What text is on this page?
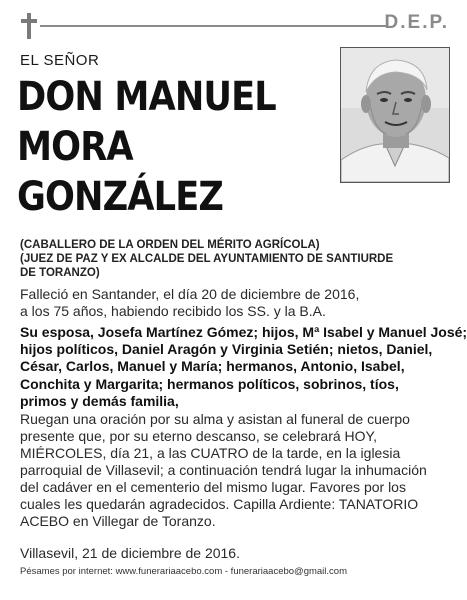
D.E.P.
EL SEÑOR
DON MANUEL
MORA
GONZÁLEZ
(CABALLERO DE LA ORDEN DEL MÉRITO AGRÍCOLA)
(JUEZ DE PAZ Y EX ALCALDE DEL AYUNTAMIENTO DE SANTIURDE
DE TORANZO)
Falleció en Santander, el día 20 de diciembre de 2016,
a los 75 años, habiendo recibido los SS. y la B.A.
Su esposa, Josefa Martínez Gómez; hijos, Mª Isabel y Manuel José;
hijos políticos, Daniel Aragón y Virginia Setién; nietos, Daniel,
César, Carlos, Manuel y María; hermanos, Antonio, Isabel,
Conchita y Margarita; hermanos políticos, sobrinos, tíos,
primos y demás familia,
Ruegan una oración por su alma y asistan al funeral de cuerpo
presente que, por su eterno descanso, se celebrará HOY,
MIÉRCOLES, día 21, a las CUATRO de la tarde, en la iglesia
parroquial de Villasevil; a continuación tendrá lugar la inhumación
del cadáver en el cementerio del mismo lugar. Favores por los
cuales les quedarán agradecidos. Capilla Ardiente: TANATORIO
ACEBO en Villegar de Toranzo.
Villasevil, 21 de diciembre de 2016.
Pésames por internet: www.funerariaacebo.com - funerariaacebo@gmail.com
